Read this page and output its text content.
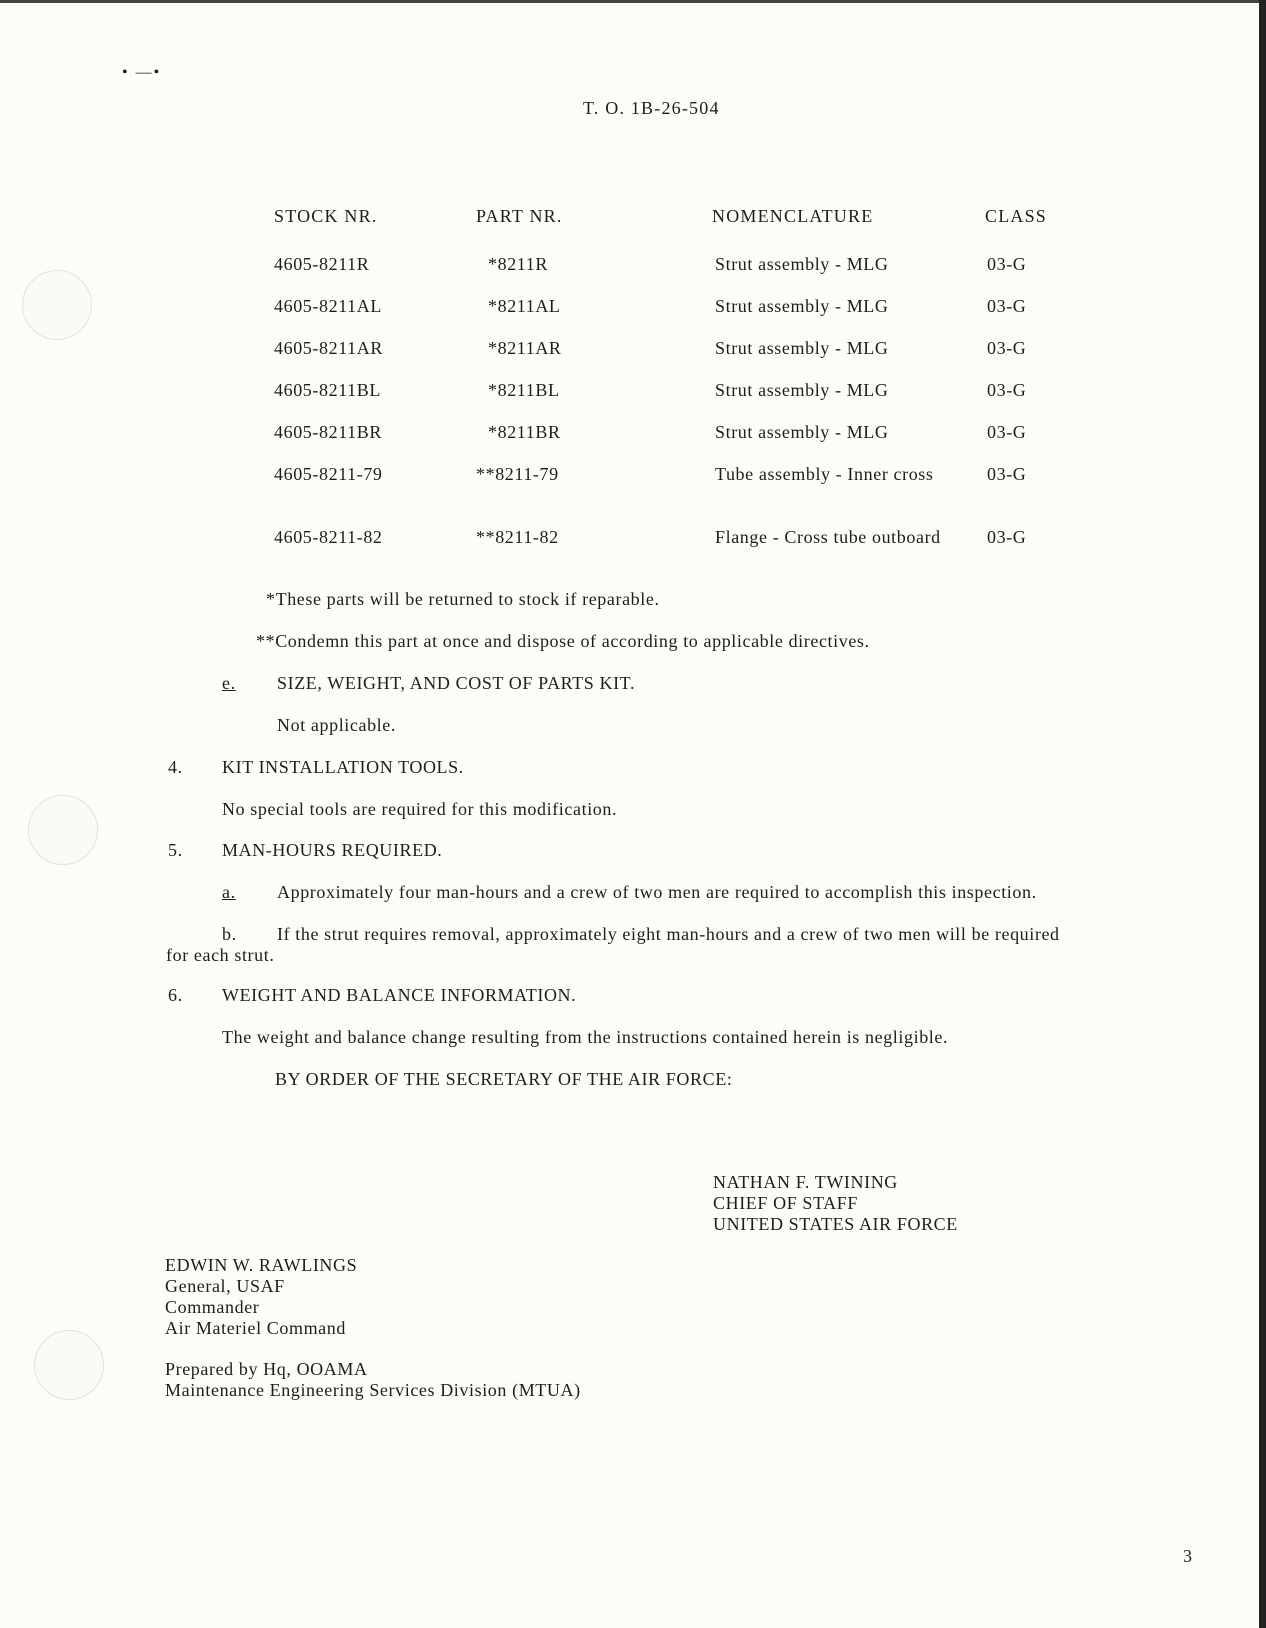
• —•
T. O. 1B-26-504
STOCK NR.	PART NR.	NOMENCLATURE	CLASS
4605-8211R	*8211R	Strut assembly - MLG	03-G
4605-8211AL	*8211AL	Strut assembly - MLG	03-G
4605-8211AR	*8211AR	Strut assembly - MLG	03-G
4605-8211BL	*8211BL	Strut assembly - MLG	03-G
4605-8211BR	*8211BR	Strut assembly - MLG	03-G
4605-8211-79	**8211-79	Tube assembly - Inner cross	03-G
4605-8211-82	**8211-82	Flange - Cross tube outboard	03-G
*These parts will be returned to stock if reparable.
**Condemn this part at once and dispose of according to applicable directives.
e. SIZE, WEIGHT, AND COST OF PARTS KIT.
Not applicable.
4. KIT INSTALLATION TOOLS.
No special tools are required for this modification.
5. MAN-HOURS REQUIRED.
a. Approximately four man-hours and a crew of two men are required to accomplish this inspection.
b. If the strut requires removal, approximately eight man-hours and a crew of two men will be required
for each strut.
6. WEIGHT AND BALANCE INFORMATION.
The weight and balance change resulting from the instructions contained herein is negligible.
BY ORDER OF THE SECRETARY OF THE AIR FORCE:
NATHAN F. TWINING
CHIEF OF STAFF
UNITED STATES AIR FORCE
EDWIN W. RAWLINGS
General, USAF
Commander
Air Materiel Command
Prepared by Hq, OOAMA
Maintenance Engineering Services Division (MTUA)
3
